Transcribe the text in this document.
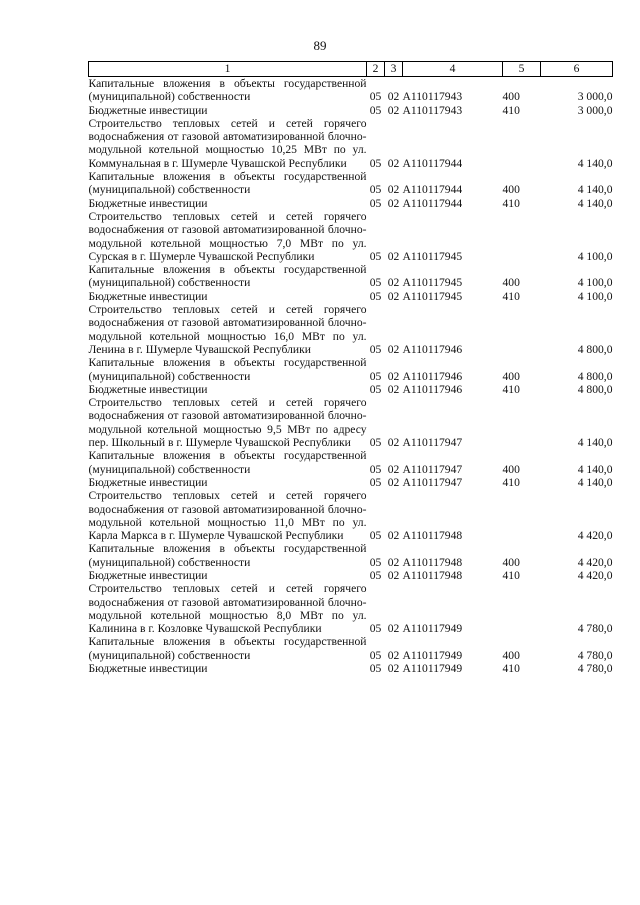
89
1	2	3	4	5	6
Капитальные вложения в объекты государственной (муниципальной) собственности	05	02	А110117943	400	3 000,0
Бюджетные инвестиции	05	02	А110117943	410	3 000,0
Строительство тепловых сетей и сетей горячего водоснабжения от газовой автоматизированной блочно-модульной котельной мощностью 10,25 МВт по ул. Коммунальная в г. Шумерле Чувашской Республики	05	02	А110117944		4 140,0
Капитальные вложения в объекты государственной (муниципальной) собственности	05	02	А110117944	400	4 140,0
Бюджетные инвестиции	05	02	А110117944	410	4 140,0
Строительство тепловых сетей и сетей горячего водоснабжения от газовой автоматизированной блочно-модульной котельной мощностью 7,0 МВт по ул. Сурская в г. Шумерле Чувашской Республики	05	02	А110117945		4 100,0
Капитальные вложения в объекты государственной (муниципальной) собственности	05	02	А110117945	400	4 100,0
Бюджетные инвестиции	05	02	А110117945	410	4 100,0
Строительство тепловых сетей и сетей горячего водоснабжения от газовой автоматизированной блочно-модульной котельной мощностью 16,0 МВт по ул. Ленина в г. Шумерле Чувашской Республики	05	02	А110117946		4 800,0
Капитальные вложения в объекты государственной (муниципальной) собственности	05	02	А110117946	400	4 800,0
Бюджетные инвестиции	05	02	А110117946	410	4 800,0
Строительство тепловых сетей и сетей горячего водоснабжения от газовой автоматизированной блочно-модульной котельной мощностью 9,5 МВт по адресу пер. Школьный в г. Шумерле Чувашской Республики	05	02	А110117947		4 140,0
Капитальные вложения в объекты государственной (муниципальной) собственности	05	02	А110117947	400	4 140,0
Бюджетные инвестиции	05	02	А110117947	410	4 140,0
Строительство тепловых сетей и сетей горячего водоснабжения от газовой автоматизированной блочно-модульной котельной мощностью 11,0 МВт по ул. Карла Маркса в г. Шумерле Чувашской Республики	05	02	А110117948		4 420,0
Капитальные вложения в объекты государственной (муниципальной) собственности	05	02	А110117948	400	4 420,0
Бюджетные инвестиции	05	02	А110117948	410	4 420,0
Строительство тепловых сетей и сетей горячего водоснабжения от газовой автоматизированной блочно-модульной котельной мощностью 8,0 МВт по ул. Калинина в г. Козловке Чувашской Республики	05	02	А110117949		4 780,0
Капитальные вложения в объекты государственной (муниципальной) собственности	05	02	А110117949	400	4 780,0
Бюджетные инвестиции	05	02	А110117949	410	4 780,0
